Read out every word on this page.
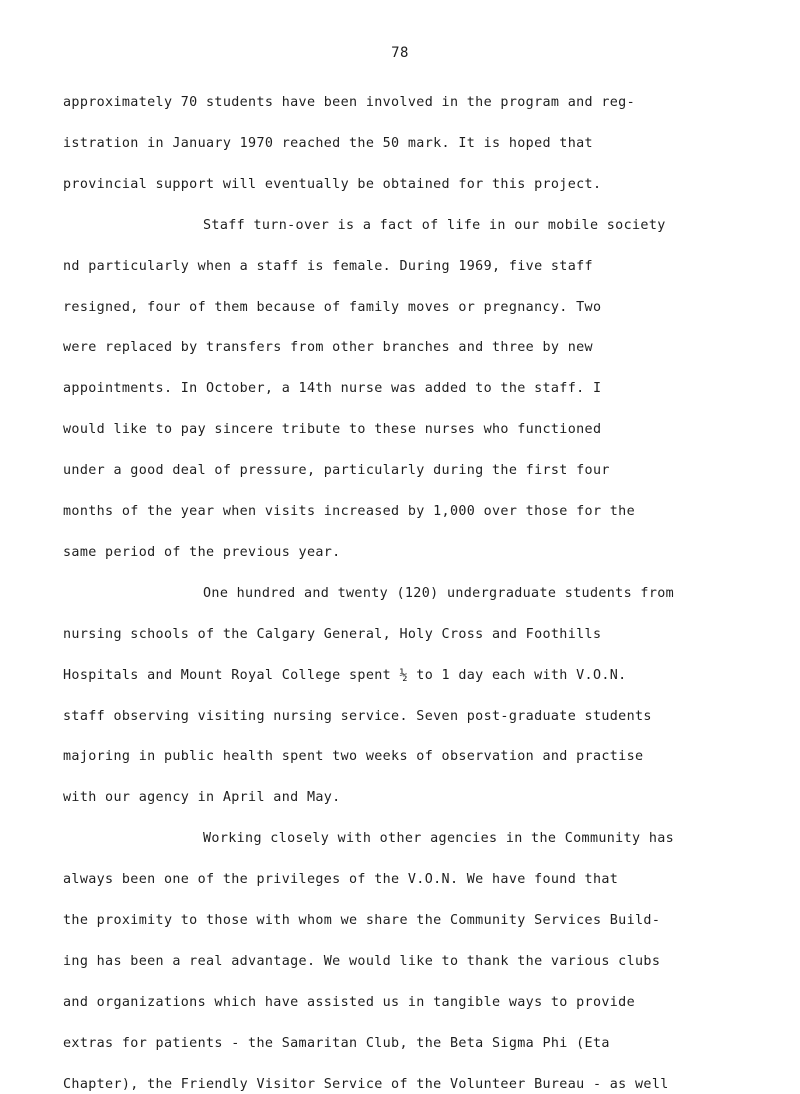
78
approximately 70 students have been involved in the program and reg-
istration in January 1970 reached the 50 mark. It is hoped that
provincial support will eventually be obtained for this project.
Staff turn-over is a fact of life in our mobile society
nd particularly when a staff is female. During 1969, five staff
resigned, four of them because of family moves or pregnancy. Two
were replaced by transfers from other branches and three by new
appointments. In October, a 14th nurse was added to the staff. I
would like to pay sincere tribute to these nurses who functioned
under a good deal of pressure, particularly during the first four
months of the year when visits increased by 1,000 over those for the
same period of the previous year.
One hundred and twenty (120) undergraduate students from
nursing schools of the Calgary General, Holy Cross and Foothills
Hospitals and Mount Royal College spent ½ to 1 day each with V.O.N.
staff observing visiting nursing service. Seven post-graduate students
majoring in public health spent two weeks of observation and practise
with our agency in April and May.
Working closely with other agencies in the Community has
always been one of the privileges of the V.O.N. We have found that
the proximity to those with whom we share the Community Services Build-
ing has been a real advantage. We would like to thank the various clubs
and organizations which have assisted us in tangible ways to provide
extras for patients - the Samaritan Club, the Beta Sigma Phi (Eta
Chapter), the Friendly Visitor Service of the Volunteer Bureau - as well
